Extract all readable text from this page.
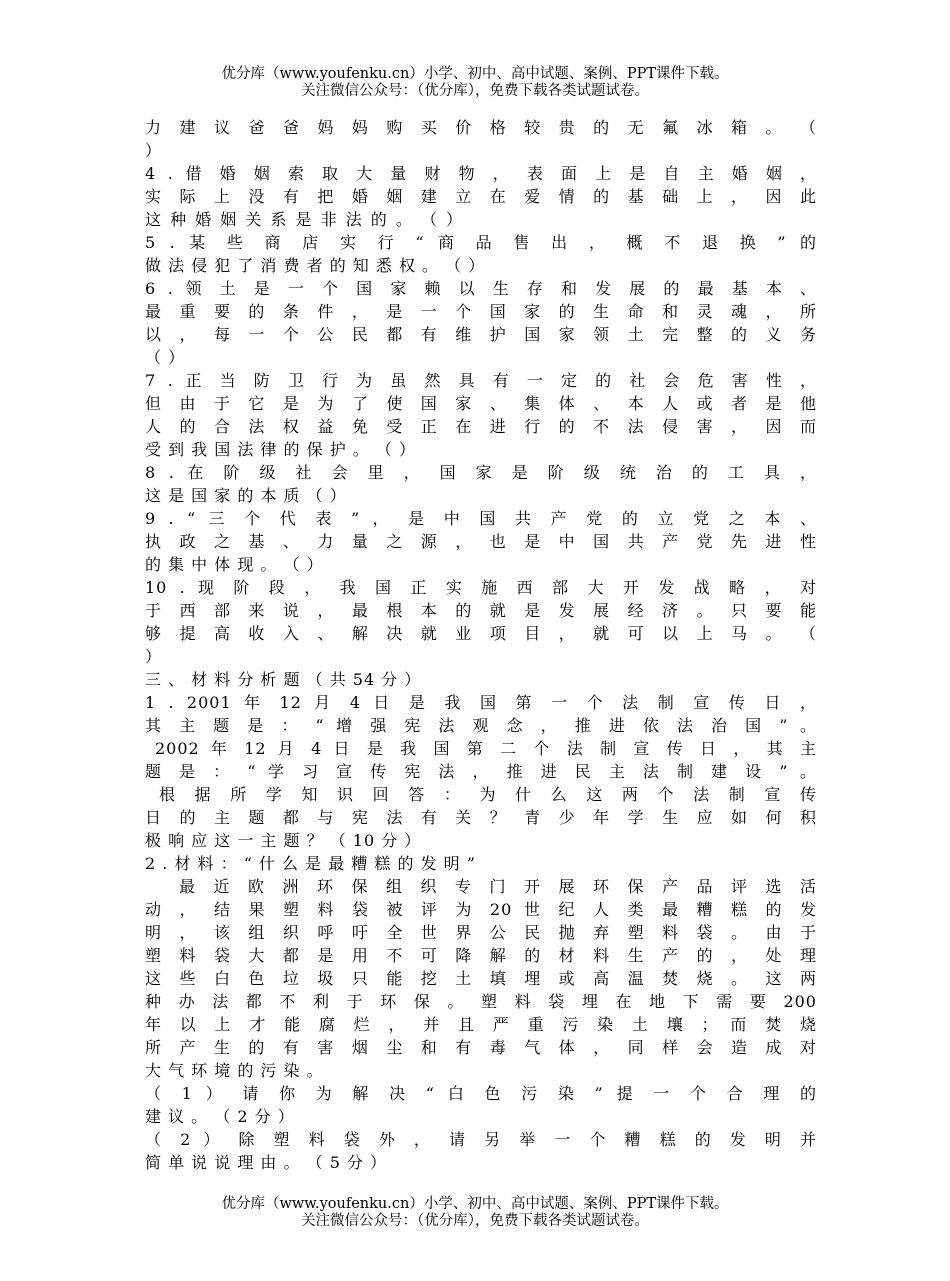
优分库（www.youfenku.cn）小学、初中、高中试题、案例、PPT课件下载。
关注微信公众号：（优分库），免费下载各类试题试卷。
力 建 议 爸 爸 妈 妈 购 买 价 格 较 贵 的 无 氟 冰 箱 。 （
）
4 . 借 婚 姻 索 取 大 量 财 物 ， 表 面 上 是 自 主 婚 姻 ，
实 际 上 没 有 把 婚 姻 建 立 在 爱 情 的 基 础 上 ， 因 此
这 种 婚 姻 关 系 是 非 法 的 。 （ ）
5 . 某 些 商 店 实 行 “ 商 品 售 出 ， 概 不 退 换 ” 的
做 法 侵 犯 了 消 费 者 的 知 悉 权 。 （ ）
6 . 领 土 是 一 个 国 家 赖 以 生 存 和 发 展 的 最 基 本 、
最 重 要 的 条 件 ， 是 一 个 国 家 的 生 命 和 灵 魂 ， 所
以 ， 每 一 个 公 民 都 有 维 护 国 家 领 土 完 整 的 义 务
（ ）
7 . 正 当 防 卫 行 为 虽 然 具 有 一 定 的 社 会 危 害 性 ，
但 由 于 它 是 为 了 使 国 家 、 集 体 、 本 人 或 者 是 他
人 的 合 法 权 益 免 受 正 在 进 行 的 不 法 侵 害 ， 因 而
受 到 我 国 法 律 的 保 护 。 （ ）
8 . 在 阶 级 社 会 里 ， 国 家 是 阶 级 统 治 的 工 具 ，
这 是 国 家 的 本 质 （ ）
9 . “ 三 个 代 表 ” ， 是 中 国 共 产 党 的 立 党 之 本 、
执 政 之 基 、 力 量 之 源 ， 也 是 中 国 共 产 党 先 进 性
的 集 中 体 现 。 （ ）
10 . 现 阶 段 ， 我 国 正 实 施 西 部 大 开 发 战 略 ， 对
于 西 部 来 说 ， 最 根 本 的 就 是 发 展 经 济 。 只 要 能
够 提 高 收 入 、 解 决 就 业 项 目 ， 就 可 以 上 马 。 （
）
三 、 材 料 分 析 题 （ 共 54 分 ）
1 . 2001 年 12 月 4 日 是 我 国 第 一 个 法 制 宣 传 日 ，
其 主 题 是 ： “ 增 强 宪 法 观 念 ， 推 进 依 法 治 国 ” 。
2002 年 12 月 4 日 是 我 国 第 二 个 法 制 宣 传 日 ， 其 主
题 是 ： “ 学 习 宣 传 宪 法 ， 推 进 民 主 法 制 建 设 ” 。
根 据 所 学 知 识 回 答 ： 为 什 么 这 两 个 法 制 宣 传
日 的 主 题 都 与 宪 法 有 关 ？ 青 少 年 学 生 应 如 何 积
极 响 应 这 一 主 题 ？ （ 10 分 ）
2 . 材 料 ： “ 什 么 是 最 糟 糕 的 发 明 ”
最 近 欧 洲 环 保 组 织 专 门 开 展 环 保 产 品 评 选 活
动 ， 结 果 塑 料 袋 被 评 为 20 世 纪 人 类 最 糟 糕 的 发
明 ， 该 组 织 呼 吁 全 世 界 公 民 抛 弃 塑 料 袋 。 由 于
塑 料 袋 大 都 是 用 不 可 降 解 的 材 料 生 产 的 ， 处 理
这 些 白 色 垃 圾 只 能 挖 土 填 埋 或 高 温 焚 烧 。 这 两
种 办 法 都 不 利 于 环 保 。 塑 料 袋 埋 在 地 下 需 要 200
年 以 上 才 能 腐 烂 ， 并 且 严 重 污 染 土 壤 ； 而 焚 烧
所 产 生 的 有 害 烟 尘 和 有 毒 气 体 ， 同 样 会 造 成 对
大 气 环 境 的 污 染 。
（ 1 ） 请 你 为 解 决 “ 白 色 污 染 ” 提 一 个 合 理 的
建 议 。 （ 2 分 ）
（ 2 ） 除 塑 料 袋 外 ， 请 另 举 一 个 糟 糕 的 发 明 并
简 单 说 说 理 由 。 （ 5 分 ）
优分库（www.youfenku.cn）小学、初中、高中试题、案例、PPT课件下载。
关注微信公众号：（优分库），免费下载各类试题试卷。
